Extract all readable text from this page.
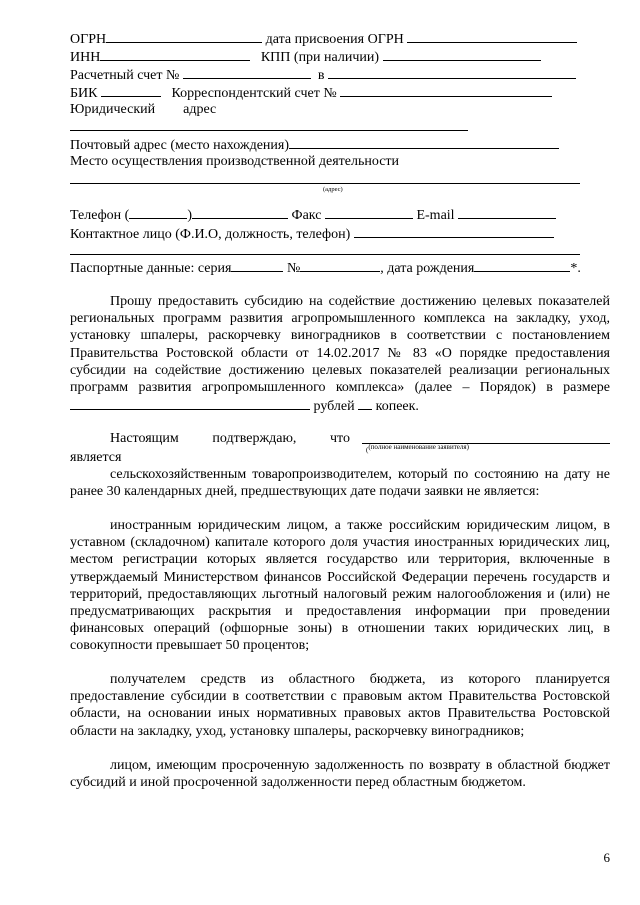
ОГРН	дата присвоения ОГРН
ИНН	КПП (при наличии)
Расчетный счет №	в
БИК	Корреспондентский счет №
Юридический адрес
Почтовый адрес (место нахождения)
Место осуществления производственной деятельности
(адрес)
Телефон (	)	Факс	E-mail
Контактное лицо (Ф.И.О, должность, телефон)
Паспортные данные: серия	№	, дата рождения	*.
Прошу предоставить субсидию на содействие достижению целевых показателей региональных программ развития агропромышленного комплекса на закладку, уход, установку шпалеры, раскорчевку виноградников в соответствии с постановлением Правительства Ростовской области от 14.02.2017 № 83 «О порядке предоставления субсидии на содействие достижению целевых показателей реализации региональных программ развития агропромышленного комплекса» (далее – Порядок) в размере  рублей копеек.
Настоящим подтверждаю, что
является	((полное наименование заявителя)
сельскохозяйственным товаропроизводителем, который по состоянию на дату не ранее 30 календарных дней, предшествующих дате подачи заявки не является:
иностранным юридическим лицом, а также российским юридическим лицом, в уставном (складочном) капитале которого доля участия иностранных юридических лиц, местом регистрации которых является государство или территория, включенные в утверждаемый Министерством финансов Российской Федерации перечень государств и территорий, предоставляющих льготный налоговый режим налогообложения и (или) не предусматривающих раскрытия и предоставления информации при проведении финансовых операций (офшорные зоны) в отношении таких юридических лиц, в совокупности превышает 50 процентов;
получателем средств из областного бюджета, из которого планируется предоставление субсидии в соответствии с правовым актом Правительства Ростовской области, на основании иных нормативных правовых актов Правительства Ростовской области на закладку, уход, установку шпалеры, раскорчевку виноградников;
лицом, имеющим просроченную задолженность по возврату в областной бюджет субсидий и иной просроченной задолженности перед областным бюджетом.
6
